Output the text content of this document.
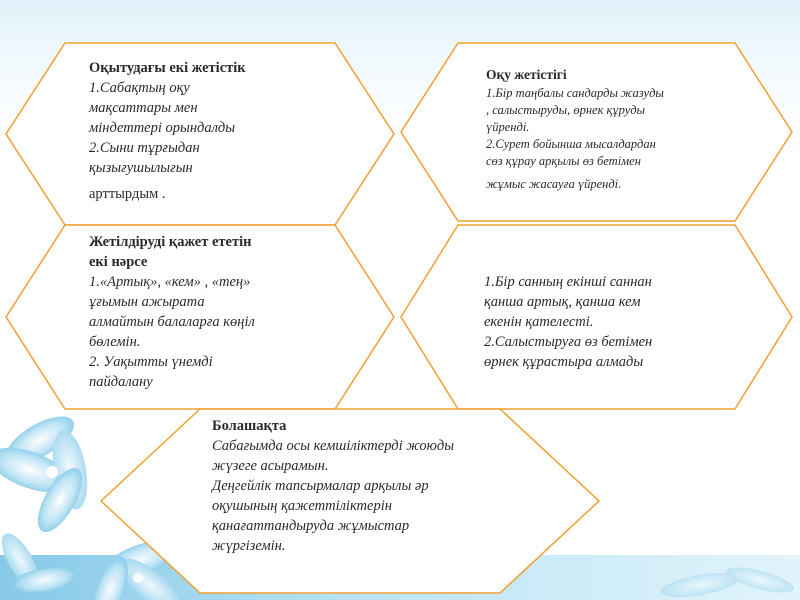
Оқытудағы екі жетістік
1.Сабақтың оқу
мақсаттары мен
міндеттері орындалды
2.Сыни тұрғыдан
қызығушылығын
арттырдым .
Оқу жетістігі
1.Бір таңбалы сандарды жазуды
, салыстыруды, өрнек құруды
үйренді.
2.Сурет бойынша мысалдардан
сөз құрау арқылы өз бетімен
жұмыс жасауға үйренді.
Жетілдіруді қажет ететін
екі нәрсе
1.«Артық», «кем» , «тең»
ұғымын ажырата
алмайтын балаларға көңіл
бөлемін.
2. Уақытты үнемді
пайдалану
1.Бір санның екінші саннан
қанша артық, қанша кем
екенін қателесті.
2.Салыстыруға өз бетімен
өрнек құрастыра алмады
Болашақта
Сабағымда осы кемшіліктерді жоюды
жүзеге асырамын.
Деңгейлік тапсырмалар арқылы әр
оқушының қажеттіліктерін
қанағаттандыруда жұмыстар
жүргіземін.
